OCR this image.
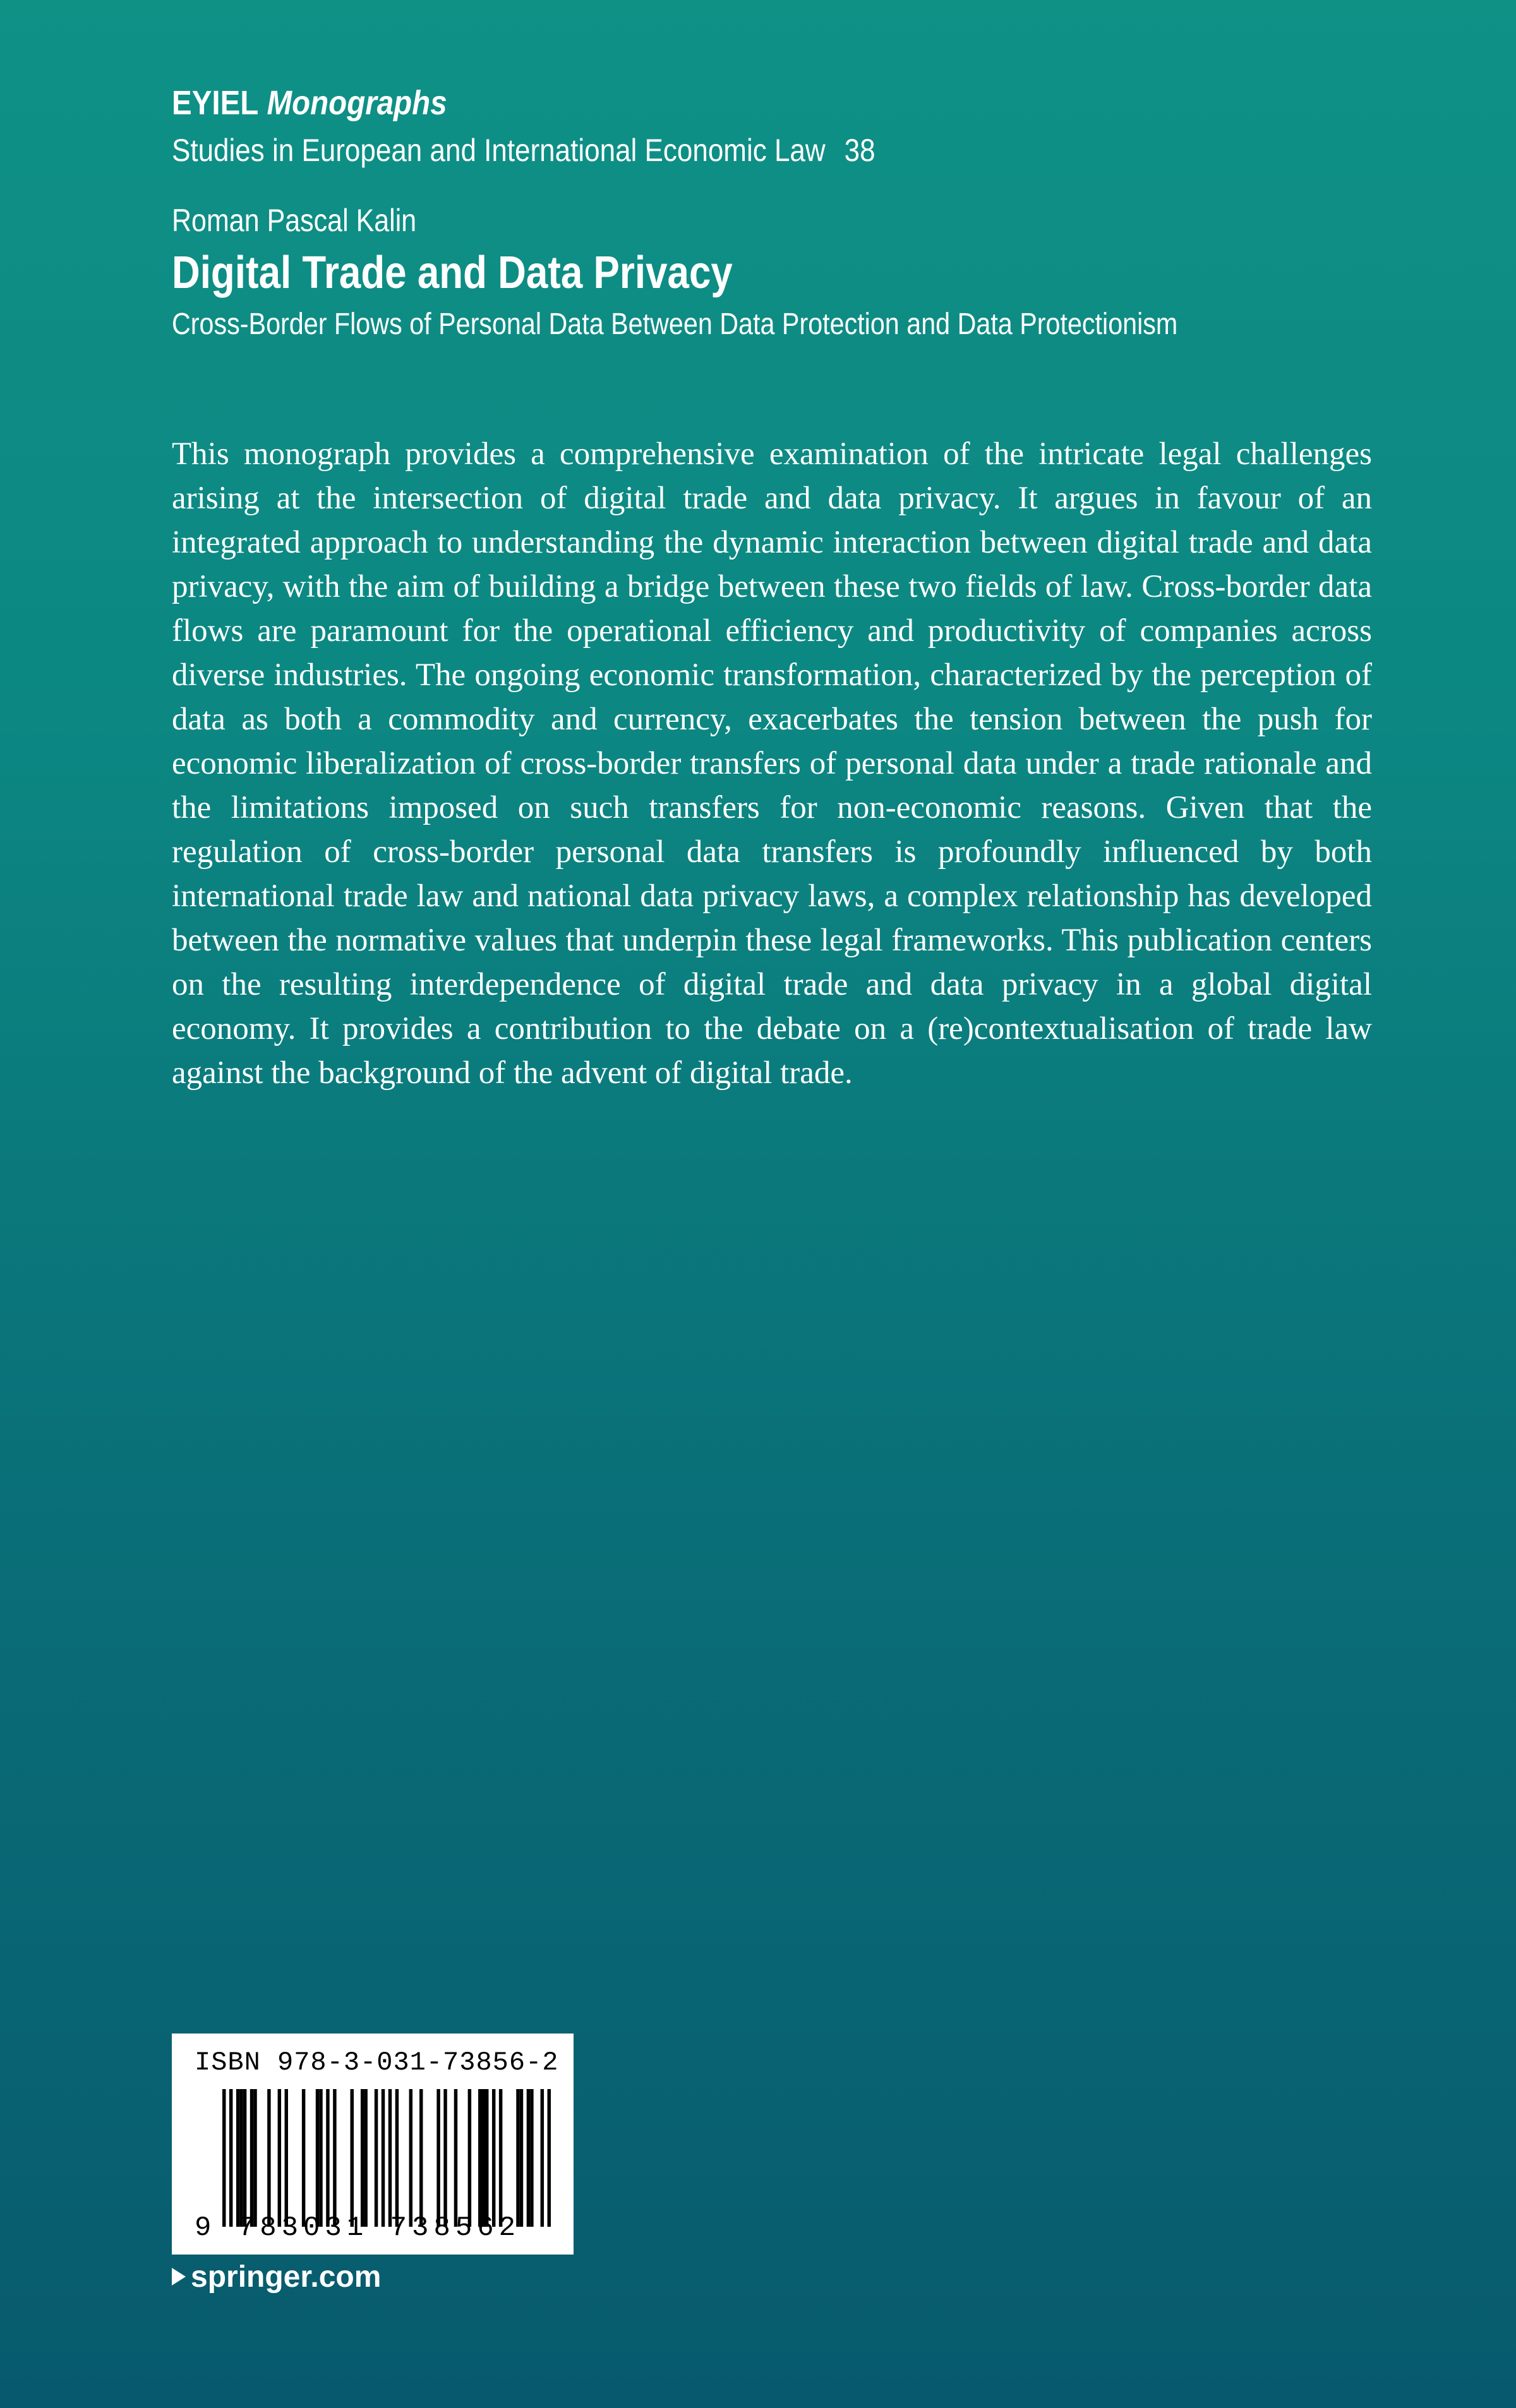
EYIEL Monographs
Studies in European and International Economic Law 38
Roman Pascal Kalin
Digital Trade and Data Privacy
Cross-Border Flows of Personal Data Between Data Protection and Data Protectionism

This monograph provides a comprehensive examination of the intricate legal challenges arising at the intersection of digital trade and data privacy. It argues in favour of an integrated approach to understanding the dynamic interaction between digital trade and data privacy, with the aim of building a bridge between these two fields of law. Cross-border data flows are paramount for the operational efficiency and productivity of companies across diverse industries. The ongoing economic transformation, characterized by the perception of data as both a commodity and currency, exacerbates the tension between the push for economic liberalization of cross-border transfers of personal data under a trade rationale and the limitations imposed on such transfers for non-economic reasons. Given that the regulation of cross-border personal data transfers is profoundly influenced by both international trade law and national data privacy laws, a complex relationship has developed between the normative values that underpin these legal frameworks. This publication centers on the resulting interdependence of digital trade and data privacy in a global digital economy. It provides a contribution to the debate on a (re)contextualisation of trade law against the background of the advent of digital trade.

ISBN 978-3-031-73856-2
9 783031 738562
springer.com
